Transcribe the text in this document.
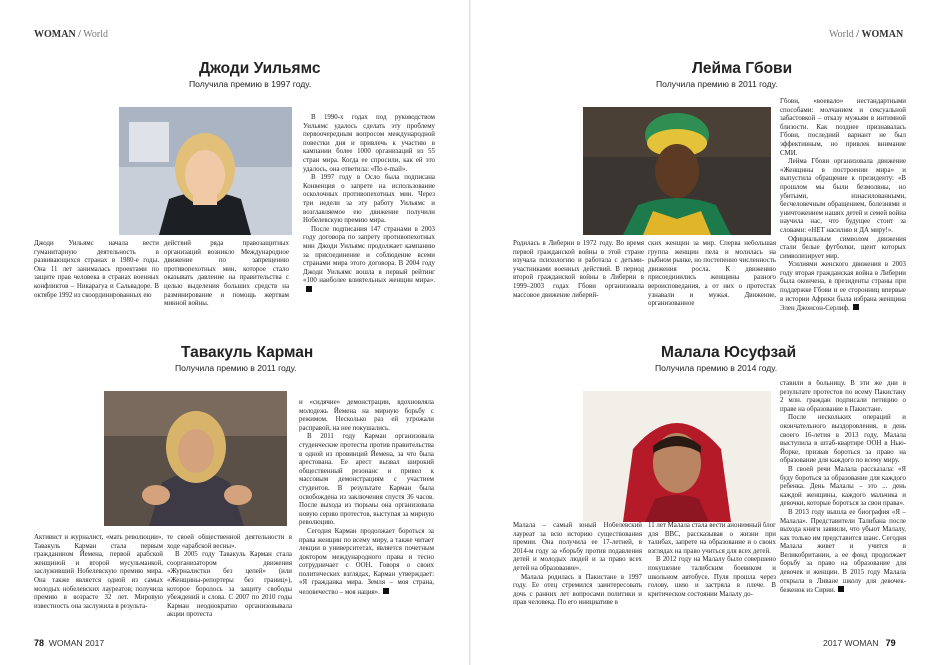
WOMAN / World	World / WOMAN
Джоди Уильямс
Получила премию в 1997 году.

Джоди Уильямс начала вести гуманитарную деятельность в развивающихся странах в 1980-е годы. Она 11 лет занималась проектами по защите прав человека в странах военных конфликтов – Никарагуа и Сальвадоре. В октябре 1992 из скоординированных ею

действий ряда правозащитных организаций возникло Международное движение по запрещению противопехотных мин, которое стало оказывать давление на правительства с целью выделения больших средств на разминирование и помощь жертвам минной войны.

В 1990-х годах под руководством Уильямс удалось сделать эту проблему первоочередным вопросом международной повестки дня и привлечь к участию в кампании более 1000 организаций из 55 стран мира. Когда ее спросили, как ей это удалось, она ответила: «По e-mail».

В 1997 году в Осло была подписана Конвенция о запрете на использование осколочных противопехотных мин. Через три недели за эту работу Уильямс и возглавляемое ею движение получили Нобелевскую премию мира.

После подписания 147 странами в 2003 году договора по запрету противопехотных мин Джоди Уильямс продолжает кампанию за присоединение и соблюдение всеми странами мира этого договора. В 2004 году Джоди Уильямс вошла в первый рейтинг «100 наиболее влиятельных женщин мира».

Лейма Гбови
Получила премию в 2011 году.

Родилась в Либерии в 1972 году. Во время первой гражданской войны в этой стране изучала психологию и работала с детьми-участниками военных действий. В период второй гражданской войны в Либерии в 1999–2003 годах Гбови организовала массовое движение либерий-

ских женщин за мир. Сперва небольшая группа женщин пела и молилась на рыбном рынке, но постепенно численность движения росла. К движению присоединились женщины разного вероисповедания, а от них о протестах узнавали и мужья. Движение, организованное

Гбови, «воевало» нестандартными способами: молчанием и сексуальной забастовкой – отказу мужьям в интимной близости. Как позднее признавалась Гбови, последний вариант не был эффективным, но привлек внимание СМИ.

Лейма Гбови организовала движение «Женщины в построении мира» и выпустила обращение к президенту: «В прошлом мы были безмолвны, но убитыми, изнасилованными, бесчеловечным обращением, болезнями и уничтожением наших детей и семей война научила нас, что будущее стоит за словами: «НЕТ насилию и ДА миру!».

Официальным символом движения стали белые футболки, щеит которых символизирует мир.

Усилиями женского движения в 2003 году вторая гражданская война в Либерии была окончена, в президенты страны при поддержке Гбови и ее сторонниц впервые в истории Африки была избрана женщина Элен Джонсон-Серлиф.

Тавакуль Карман
Получила премию в 2011 году.

Активист и журналист, «мать революции», Тавакуль Карман стала первым гражданином Йемена, первой арабской женщиной и второй мусульманкой, заслуживший Нобелевскую премию мира. Она также является одной из самых молодых нобелевских лауреатов; получила премию в возрасте 32 лет. Мировую известность она заслужила в результа-

те своей общественной деятельности в ходе «арабской весны».

В 2005 году Тавакуль Карман стала соорганизатором движения «Журналистки без цепей» (или «Женщины-репортеры без границ»), которое боролось за защиту свободы убеждений и слова. С 2007 по 2010 годы Карман неоднократно организовывала акции протеста

и «сидячие» демонстрации, вдохновляла молодежь Йемена на мирную борьбу с режимом. Несколько раз ей угрожали расправой, на нее покушались.

В 2011 году Карман организовала студенческие протесты против правительства в одной из провинций Йемена, за что была арестована. Ее арест вызвал широкий общественный резонанс и привел к массовым демонстрациям с участием студентов. В результате Карман была освобождена из заключения спустя 36 часов. После выхода из тюрьмы она организовала новую серию протестов, выступая за мирную революцию.

Сегодня Карман продолжает бороться за права женщин по всему миру, а также читает лекции в университетах, является почетным доктором международного права и тесно сотрудничает с ООН. Говоря о своих политических взглядах, Карман утверждает: «Я гражданка мира. Земля – моя страна, человечество – моя нация».

Малала Юсуфзай
Получила премию в 2014 году.

Малала – самый юный Нобелевский лауреат за всю историю существования премии. Она получила ее 17-летней, в 2014-м году за «борьбу против подавления детей и молодых людей и за право всех детей на образование».

Малала родилась в Пакистане в 1997 году. Ее отец стремился заинтересовать дочь с ранних лет вопросами политики и прав человека. По его инициативе в

11 лет Малала стала вести анонимный блог для BBC, рассказывая о жизни при талибах, запрете на образование и о своих взглядах на право учиться для всех детей.

В 2012 году на Малалу было совершено покушение талибским боевиком и школьном автобусе. Пуля прошла через голову, шею и застряла в плече. В критическом состоянии Малалу до-

ставили в больницу. В эти же дни в результате протестов по всему Пакистану 2 млн. граждан подписали петицию о праве на образование в Пакистане.

После нескольких операций и окончательного выздоровления, в день своего 16-летия в 2013 году, Малала выступила в штаб-квартире ООН в Нью-Йорке, призвав бороться за право на образование для каждого по всему миру.

В своей речи Малала рассказала: «Я буду бороться за образование для каждого ребенка. День Малалы – это ... день каждой женщины, каждого мальчика и девочки, которые бороться за свои права».

В 2013 году вышла ее биография «Я – Малала». Представители Талибана после выхода книги заявили, что убьют Малалу, как только им представится шанс. Сегодня Малала живет и учится в Великобритании, а ее фонд продолжает борьбу за право на образование для девочек и женщин. В 2015 году Малала открыла в Ливане школу для девочек-беженок из Сирии.

78 WOMAN 2017	2017 WOMAN 79
